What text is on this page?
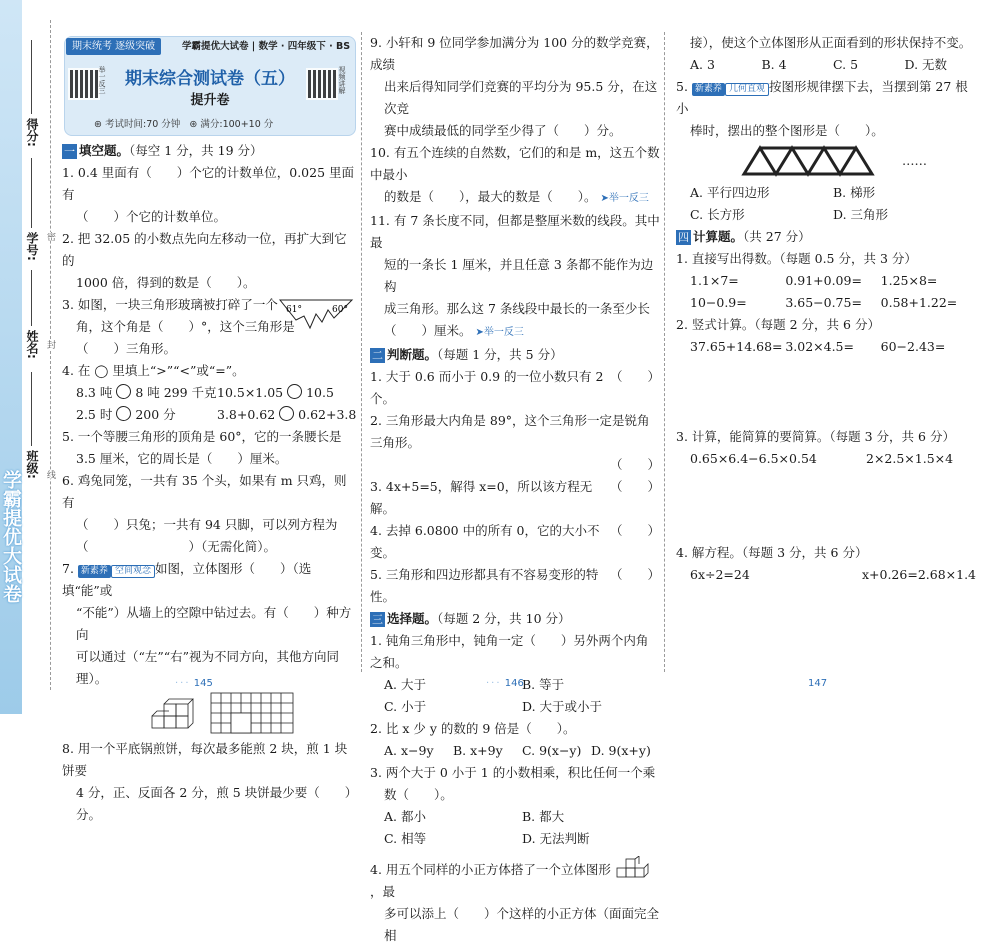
学霸提优大试卷
得分:
学号:
姓名:
班级:
密
封
线
期末统考 逐级突破	学霸提优大试卷 | 数学 · 四年级下 · BS
举一反三	期末综合测试卷（五）
提升卷
视频讲解
⊛ 考试时间:70 分钟 ⊛ 满分:100+10 分

一 填空题。（每空 1 分，共 19 分）

1. 0.4 里面有（　　）个它的计数单位，0.025 里面有

（　　）个它的计数单位。

2. 把 32.05 的小数点先向左移动一位，再扩大到它的

1000 倍，得到的数是（　　）。

3. 如图，一块三角形玻璃被打碎了一个

角，这个角是（　　）°，这个三角形是

（　　）三角形。

61°	60°

4. 在 ◯ 里填上“>”“<”或“=”。

8.3 吨 8 吨 299 千克 10.5×1.05 10.5

2.5 时 200 分	3.8+0.62 0.62+3.8

5. 一个等腰三角形的顶角是 60°，它的一条腰长是

3.5 厘米，它的周长是（　　）厘米。

6. 鸡兔同笼，一共有 35 个头，如果有 m 只鸡，则有

（　　）只兔；一共有 94 只脚，可以列方程为

（　　　　　　　　）（无需化简）。

7. 新素养 空间观念 如图，立体图形（　　）（选填“能”或

“不能”）从墙上的空隙中钻过去。有（　　）种方向

可以通过（“左”“右”视为不同方向，其他方向同理）。

8. 用一个平底锅煎饼，每次最多能煎 2 块，煎 1 块饼要

4 分，正、反面各 2 分，煎 5 块饼最少要（　　）分。

··· 145

9. 小轩和 9 位同学参加满分为 100 分的数学竞赛，成绩

出来后得知同学们竞赛的平均分为 95.5 分，在这次竞

赛中成绩最低的同学至少得了（　　）分。

10. 有五个连续的自然数，它们的和是 m，这五个数中最小

的数是（　　），最大的数是（　　）。 ➤举一反三

11. 有 7 条长度不同，但都是整厘米数的线段。其中最

短的一条长 1 厘米，并且任意 3 条都不能作为边构

成三角形。那么这 7 条线段中最长的一条至少长

（　　）厘米。 ➤举一反三

二 判断题。（每题 1 分，共 5 分）

1. 大于 0.6 而小于 0.9 的一位小数只有 2 个。
（　　）

2. 三角形最大内角是 89°，这个三角形一定是锐角三角形。

（　　）

3. 4x+5=5，解得 x=0，所以该方程无解。
（　　）

4. 去掉 6.0800 中的所有 0，它的大小不变。
（　　）

5. 三角形和四边形都具有不容易变形的特性。
（　　）

三 选择题。（每题 2 分，共 10 分）

1. 钝角三角形中，钝角一定（　　）另外两个内角之和。

A. 大于	B. 等于

C. 小于	D. 大于或小于

2. 比 x 少 y 的数的 9 倍是（　　）。

A. x−9y	B. x+9y	C. 9(x−y) D. 9(x+y)

3. 两个大于 0 小于 1 的小数相乘，积比任何一个乘

数（　　）。

A. 都小	B. 都大

C. 相等	D. 无法判断

4. 用五个同样的小正方体搭了一个立体图形 ，最

多可以添上（　　）个这样的小正方体（面面完全相

··· 146

接），使这个立体图形从正面看到的形状保持不变。

A. 3	B. 4	C. 5	D. 无数

5. 新素养 几何直观 按图形规律摆下去，当摆到第 27 根小

棒时，摆出的整个图形是（　　）。

……

A. 平行四边形	B. 梯形

C. 长方形	D. 三角形

四 计算题。（共 27 分）

1. 直接写出得数。（每题 0.5 分，共 3 分）

1.1×7=	0.91+0.09=	1.25×8=

10−0.9=	3.65−0.75=	0.58+1.22=

2. 竖式计算。（每题 2 分，共 6 分）

37.65+14.68= 3.02×4.5=	60−2.43=

3. 计算，能简算的要简算。（每题 3 分，共 6 分）

0.65×6.4−6.5×0.54	2×2.5×1.5×4

4. 解方程。（每题 3 分，共 6 分）

6x÷2=24	x+0.26=2.68×1.4

147
